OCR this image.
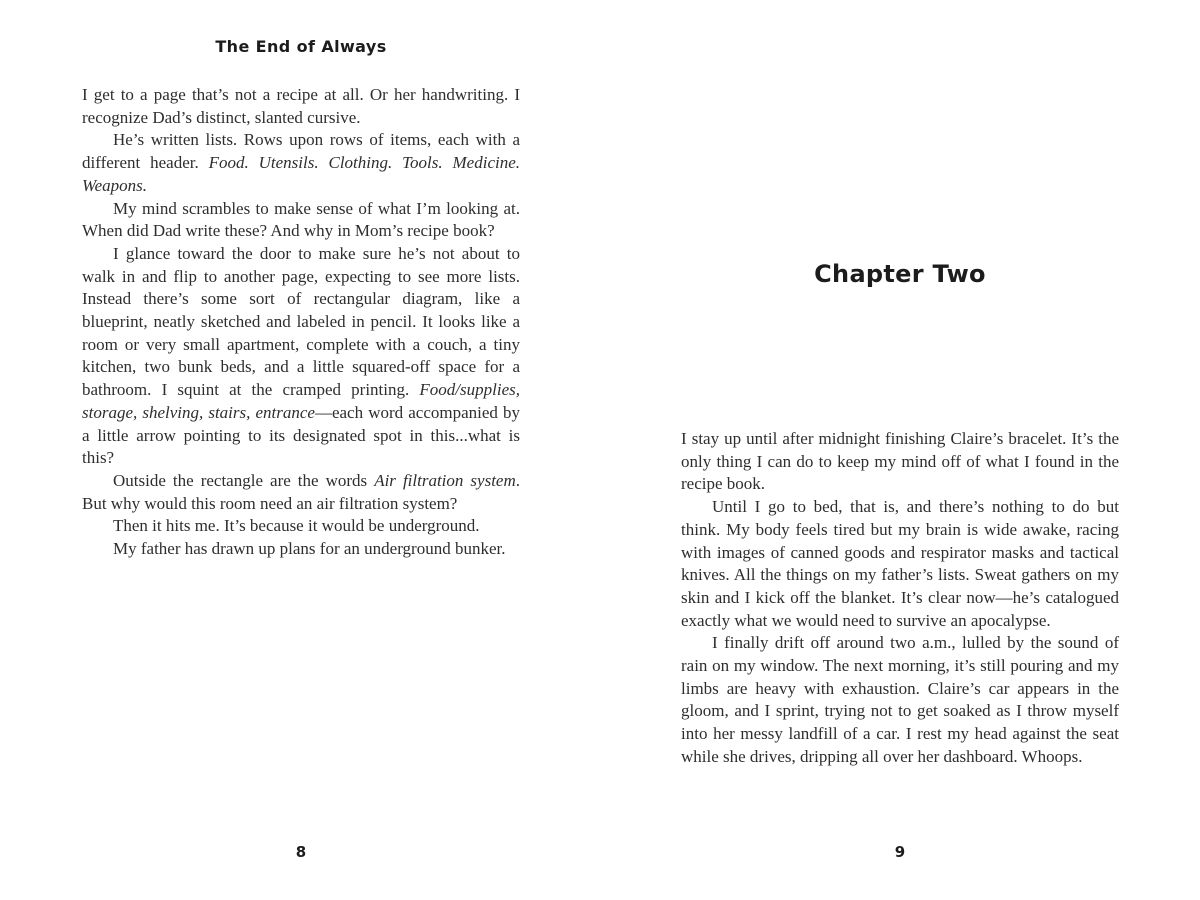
The End of Always

I get to a page that’s not a recipe at all. Or her handwriting. I recognize Dad’s distinct, slanted cursive.

He’s written lists. Rows upon rows of items, each with a different header. Food. Utensils. Clothing. Tools. Medicine. Weapons.

My mind scrambles to make sense of what I’m looking at. When did Dad write these? And why in Mom’s recipe book?

I glance toward the door to make sure he’s not about to walk in and flip to another page, expecting to see more lists. Instead there’s some sort of rectangular diagram, like a blueprint, neatly sketched and labeled in pencil. It looks like a room or very small apartment, complete with a couch, a tiny kitchen, two bunk beds, and a little squared-off space for a bathroom. I squint at the cramped printing. Food/supplies, storage, shelving, stairs, entrance—each word accompanied by a little arrow pointing to its designated spot in this...what is this?

Outside the rectangle are the words Air filtration system. But why would this room need an air filtration system?

Then it hits me. It’s because it would be underground.

My father has drawn up plans for an underground bunker.

8
Chapter Two

I stay up until after midnight finishing Claire’s bracelet. It’s the only thing I can do to keep my mind off of what I found in the recipe book.

Until I go to bed, that is, and there’s nothing to do but think. My body feels tired but my brain is wide awake, racing with images of canned goods and respirator masks and tactical knives. All the things on my father’s lists. Sweat gathers on my skin and I kick off the blanket. It’s clear now—he’s catalogued exactly what we would need to survive an apocalypse.

I finally drift off around two a.m., lulled by the sound of rain on my window. The next morning, it’s still pouring and my limbs are heavy with exhaustion. Claire’s car appears in the gloom, and I sprint, trying not to get soaked as I throw myself into her messy landfill of a car. I rest my head against the seat while she drives, dripping all over her dashboard. Whoops.

9
